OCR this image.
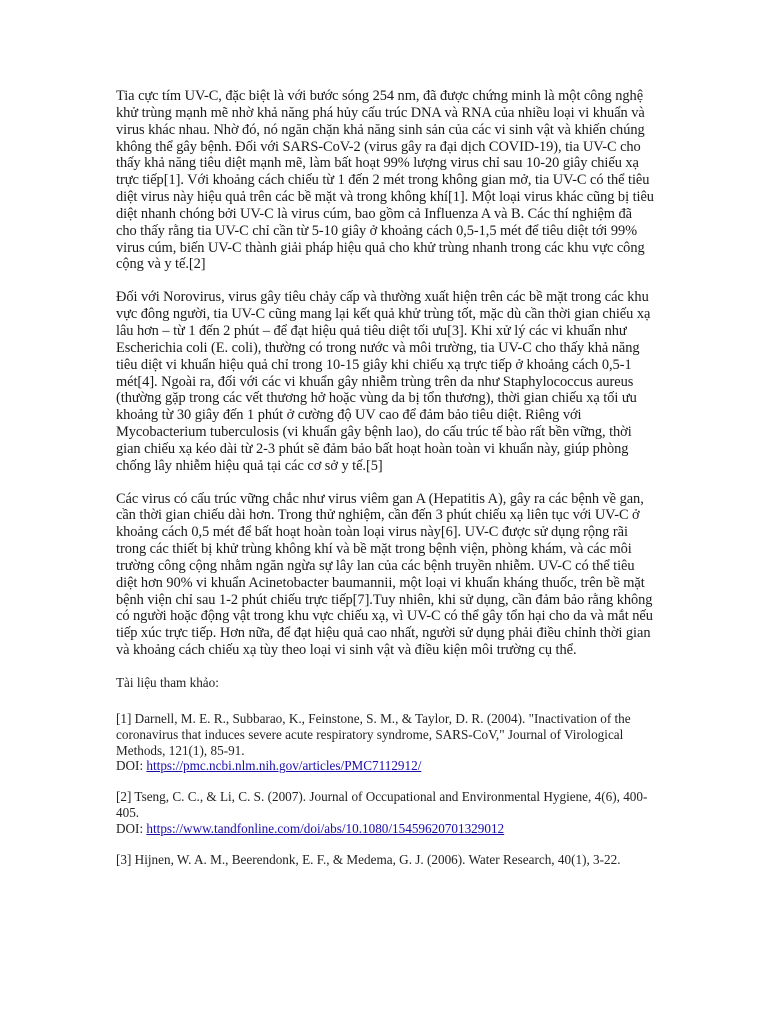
Tia cực tím UV-C, đặc biệt là với bước sóng 254 nm, đã được chứng minh là một công nghệ khử trùng mạnh mẽ nhờ khả năng phá hủy cấu trúc DNA và RNA của nhiều loại vi khuẩn và virus khác nhau. Nhờ đó, nó ngăn chặn khả năng sinh sản của các vi sinh vật và khiến chúng không thể gây bệnh. Đối với SARS-CoV-2 (virus gây ra đại dịch COVID-19), tia UV-C cho thấy khả năng tiêu diệt mạnh mẽ, làm bất hoạt 99% lượng virus chỉ sau 10-20 giây chiếu xạ trực tiếp[1]. Với khoảng cách chiếu từ 1 đến 2 mét trong không gian mở, tia UV-C có thể tiêu diệt virus này hiệu quả trên các bề mặt và trong không khí[1]. Một loại virus khác cũng bị tiêu diệt nhanh chóng bởi UV-C là virus cúm, bao gồm cả Influenza A và B. Các thí nghiệm đã cho thấy rằng tia UV-C chỉ cần từ 5-10 giây ở khoảng cách 0,5-1,5 mét để tiêu diệt tới 99% virus cúm, biến UV-C thành giải pháp hiệu quả cho khử trùng nhanh trong các khu vực công cộng và y tế.[2]

Đối với Norovirus, virus gây tiêu chảy cấp và thường xuất hiện trên các bề mặt trong các khu vực đông người, tia UV-C cũng mang lại kết quả khử trùng tốt, mặc dù cần thời gian chiếu xạ lâu hơn – từ 1 đến 2 phút – để đạt hiệu quả tiêu diệt tối ưu[3]. Khi xử lý các vi khuẩn như Escherichia coli (E. coli), thường có trong nước và môi trường, tia UV-C cho thấy khả năng tiêu diệt vi khuẩn hiệu quả chỉ trong 10-15 giây khi chiếu xạ trực tiếp ở khoảng cách 0,5-1 mét[4]. Ngoài ra, đối với các vi khuẩn gây nhiễm trùng trên da như Staphylococcus aureus (thường gặp trong các vết thương hở hoặc vùng da bị tổn thương), thời gian chiếu xạ tối ưu khoảng từ 30 giây đến 1 phút ở cường độ UV cao để đảm bảo tiêu diệt. Riêng với Mycobacterium tuberculosis (vi khuẩn gây bệnh lao), do cấu trúc tế bào rất bền vững, thời gian chiếu xạ kéo dài từ 2-3 phút sẽ đảm bảo bất hoạt hoàn toàn vi khuẩn này, giúp phòng chống lây nhiễm hiệu quả tại các cơ sở y tế.[5]

Các virus có cấu trúc vững chắc như virus viêm gan A (Hepatitis A), gây ra các bệnh về gan, cần thời gian chiếu dài hơn. Trong thử nghiệm, cần đến 3 phút chiếu xạ liên tục với UV-C ở khoảng cách 0,5 mét để bất hoạt hoàn toàn loại virus này[6]. UV-C được sử dụng rộng rãi trong các thiết bị khử trùng không khí và bề mặt trong bệnh viện, phòng khám, và các môi trường công cộng nhằm ngăn ngừa sự lây lan của các bệnh truyền nhiễm. UV-C có thể tiêu diệt hơn 90% vi khuẩn Acinetobacter baumannii, một loại vi khuẩn kháng thuốc, trên bề mặt bệnh viện chỉ sau 1-2 phút chiếu trực tiếp[7].Tuy nhiên, khi sử dụng, cần đảm bảo rằng không có người hoặc động vật trong khu vực chiếu xạ, vì UV-C có thể gây tổn hại cho da và mắt nếu tiếp xúc trực tiếp. Hơn nữa, để đạt hiệu quả cao nhất, người sử dụng phải điều chỉnh thời gian và khoảng cách chiếu xạ tùy theo loại vi sinh vật và điều kiện môi trường cụ thể.

Tài liệu tham khảo:
[1] Darnell, M. E. R., Subbarao, K., Feinstone, S. M., & Taylor, D. R. (2004). "Inactivation of the coronavirus that induces severe acute respiratory syndrome, SARS-CoV," Journal of Virological Methods, 121(1), 85-91.
DOI: https://pmc.ncbi.nlm.nih.gov/articles/PMC7112912/
[2] Tseng, C. C., & Li, C. S. (2007). Journal of Occupational and Environmental Hygiene, 4(6), 400-405.
DOI: https://www.tandfonline.com/doi/abs/10.1080/15459620701329012
[3] Hijnen, W. A. M., Beerendonk, E. F., & Medema, G. J. (2006). Water Research, 40(1), 3-22.
